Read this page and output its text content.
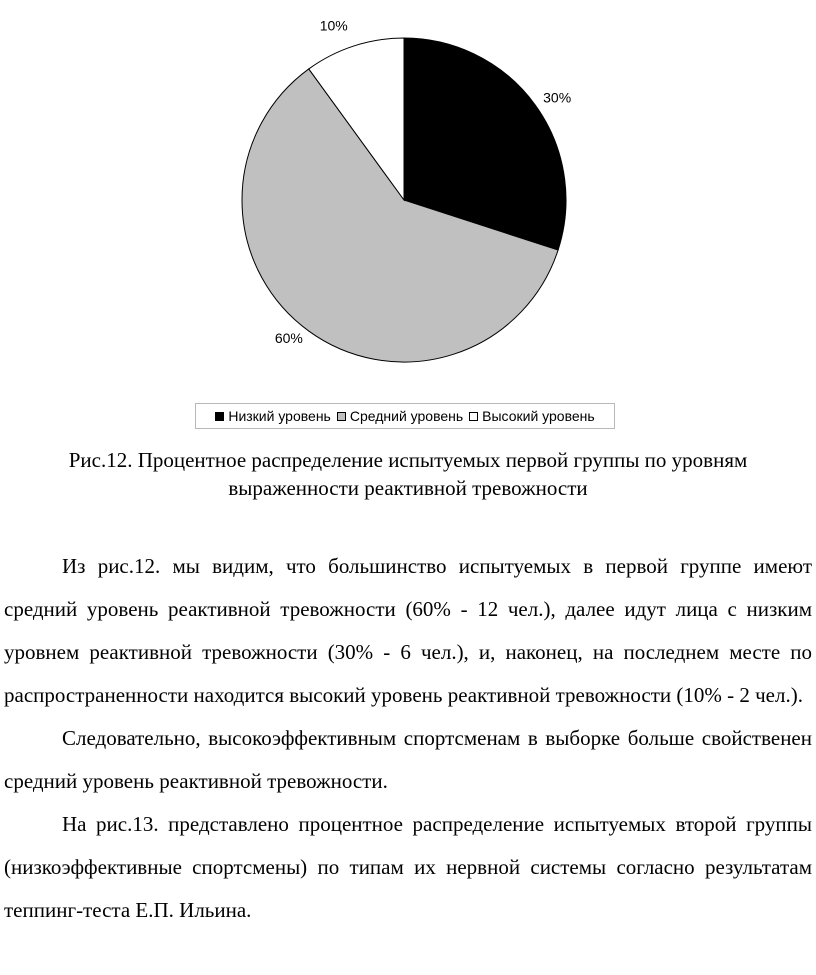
30%
60%
10%
Низкий уровень Средний уровень Высокий уровень
Рис.12. Процентное распределение испытуемых первой группы по уровням
выраженности реактивной тревожности

Из рис.12. мы видим, что большинство испытуемых в первой группе имеют средний уровень реактивной тревожности (60% - 12 чел.), далее идут лица с низким уровнем реактивной тревожности (30% - 6 чел.), и, наконец, на последнем месте по распространенности находится высокий уровень реактивной тревожности (10% - 2 чел.).

Следовательно, высокоэффективным спортсменам в выборке больше свойственен средний уровень реактивной тревожности.

На рис.13. представлено процентное распределение испытуемых второй группы (низкоэффективные спортсмены) по типам их нервной системы согласно результатам теппинг-теста Е.П. Ильина.
